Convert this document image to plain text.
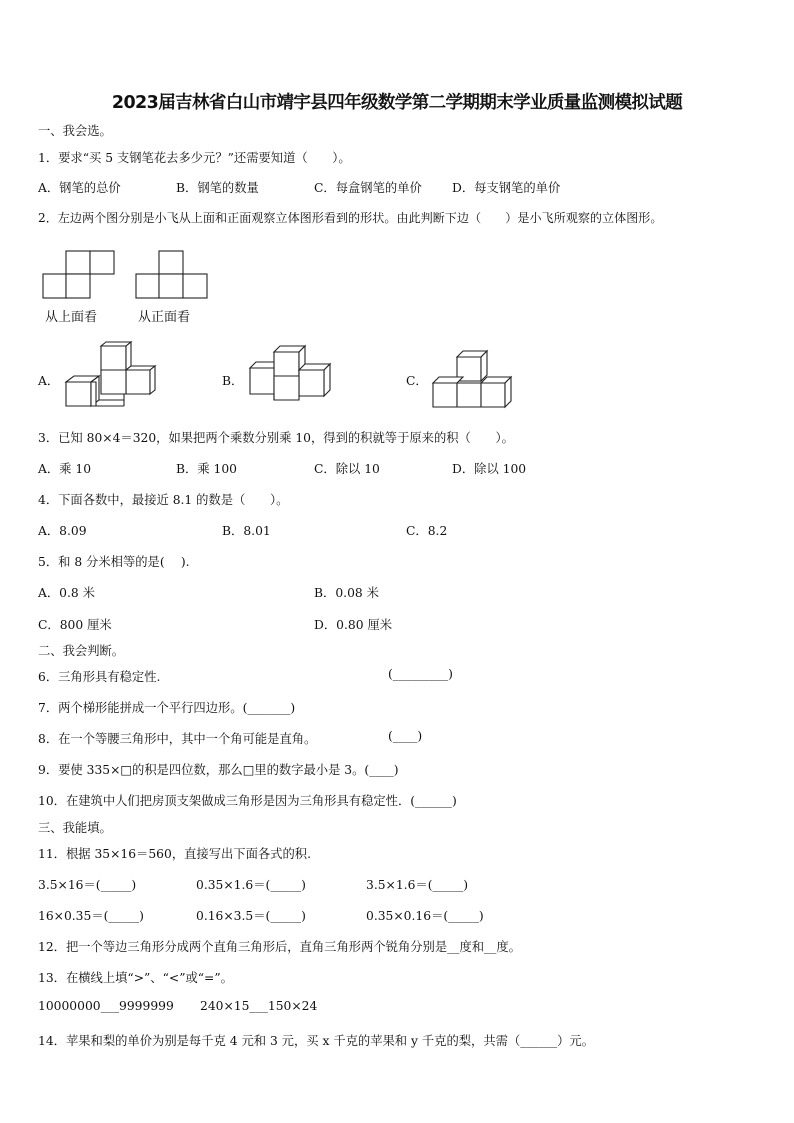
2023届吉林省白山市靖宇县四年级数学第二学期期末学业质量监测模拟试题
一、我会选。
1．要求“买 5 支钢笔花去多少元？”还需要知道（　　）。
A．钢笔的总价	B．钢笔的数量	C．每盒钢笔的单价 D．每支钢笔的单价
2．左边两个图分别是小飞从上面和正面观察立体图形看到的形状。由此判断下边（　　）是小飞所观察的立体图形。
从上面看	从正面看
A．	B．	C．
3．已知 80×4＝320，如果把两个乘数分别乘 10，得到的积就等于原来的积（　　）。
A．乘 10	B．乘 100	C．除以 10	D．除以 100
4．下面各数中，最接近 8.1 的数是（　　）。
A．8.09	B．8.01	C．8.2
5．和 8 分米相等的是(　 ).
A．0.8 米	B．0.08 米
C．800 厘米	D．0.80 厘米
二、我会判断。
6．三角形具有稳定性.	(_________)
7．两个梯形能拼成一个平行四边形。(_______)
8．在一个等腰三角形中，其中一个角可能是直角。	(____)
9．要使 335×□的积是四位数，那么□里的数字最小是 3。(____)
10．在建筑中人们把房顶支架做成三角形是因为三角形具有稳定性．(______)
三、我能填。
11．根据 35×16＝560，直接写出下面各式的积.
3.5×16＝(_____)	0.35×1.6＝(_____)	3.5×1.6＝(_____)
16×0.35＝(_____)	0.16×3.5＝(_____)	0.35×0.16＝(_____)
12．把一个等边三角形分成两个直角三角形后，直角三角形两个锐角分别是__度和__度。
13．在横线上填“>”、“<”或“=”。
10000000___9999999 240×15___150×24
14．苹果和梨的单价为别是每千克 4 元和 3 元，买 x 千克的苹果和 y 千克的梨，共需（______）元。
